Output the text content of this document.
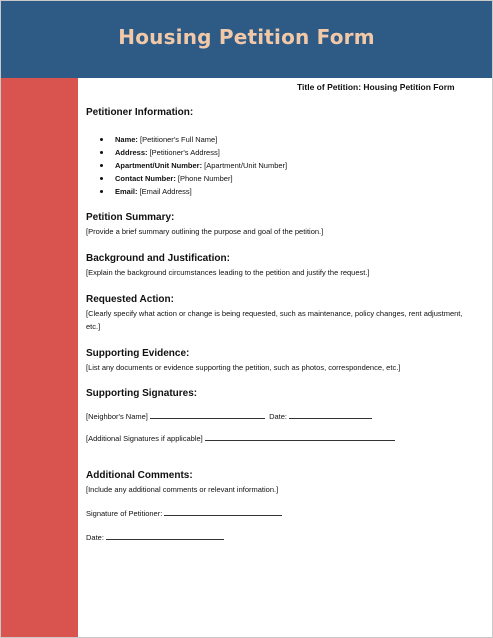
Housing Petition Form
Title of Petition: Housing Petition Form

Petitioner Information:

Name: [Petitioner's Full Name]
Address: [Petitioner's Address]
Apartment/Unit Number: [Apartment/Unit Number]
Contact Number: [Phone Number]
Email: [Email Address]

Petition Summary:

[Provide a brief summary outlining the purpose and goal of the petition.]

Background and Justification:

[Explain the background circumstances leading to the petition and justify the request.]

Requested Action:

[Clearly specify what action or change is being requested, such as maintenance, policy changes, rent adjustment, etc.]

Supporting Evidence:

[List any documents or evidence supporting the petition, such as photos, correspondence, etc.]

Supporting Signatures:

[Neighbor's Name]	Date:

[Additional Signatures if applicable]

Additional Comments:

[Include any additional comments or relevant information.]

Signature of Petitioner:

Date:
